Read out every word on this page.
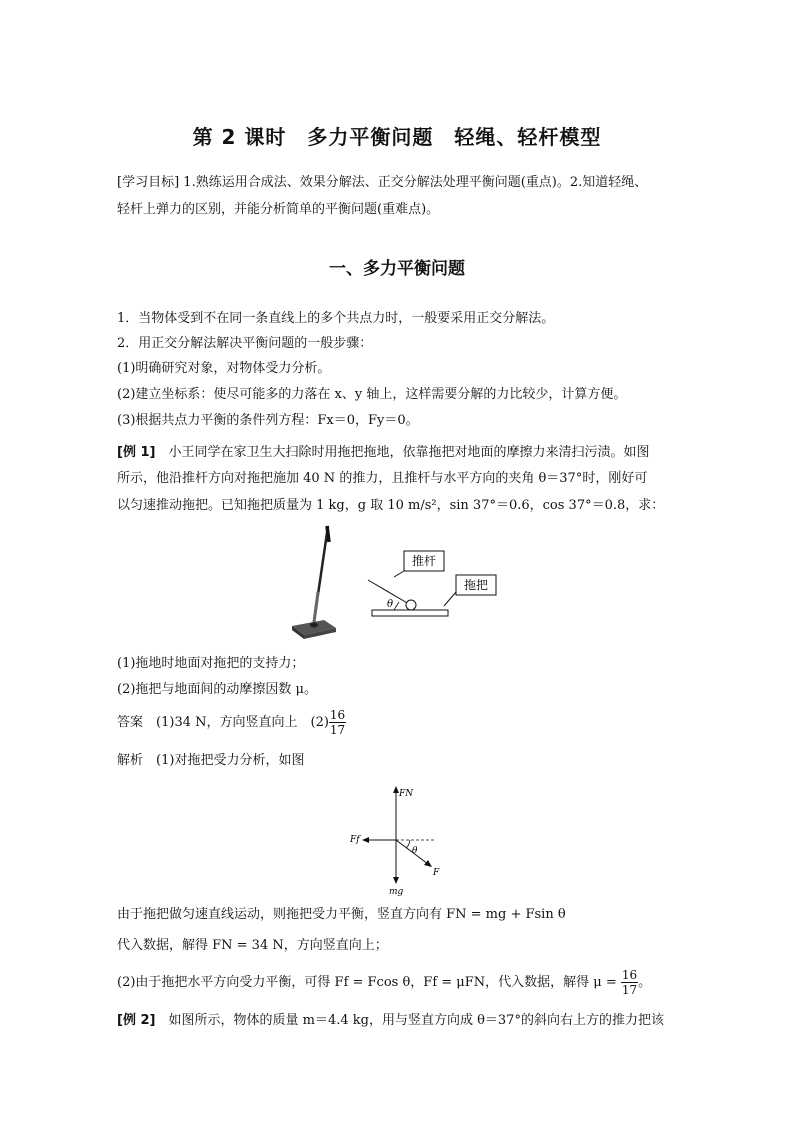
第 2 课时　多力平衡问题　轻绳、轻杆模型
[学习目标] 1.熟练运用合成法、效果分解法、正交分解法处理平衡问题(重点)。2.知道轻绳、
轻杆上弹力的区别，并能分析简单的平衡问题(重难点)。
一、多力平衡问题
1．当物体受到不在同一条直线上的多个共点力时，一般要采用正交分解法。
2．用正交分解法解决平衡问题的一般步骤：
(1)明确研究对象，对物体受力分析。
(2)建立坐标系：使尽可能多的力落在 x、y 轴上，这样需要分解的力比较少，计算方便。
(3)根据共点力平衡的条件列方程：Fx＝0，Fy＝0。
[例 1]　 小王同学在家卫生大扫除时用拖把拖地，依靠拖把对地面的摩擦力来清扫污渍。如图
所示，他沿推杆方向对拖把施加 40 N 的推力，且推杆与水平方向的夹角 θ＝37°时，刚好可
以匀速推动拖把。已知拖把质量为 1 kg，g 取 10 m/s²，sin 37°＝0.6，cos 37°＝0.8，求：
推杆
拖把
θ
(1)拖地时地面对拖把的支持力；
(2)拖把与地面间的动摩擦因数 μ。
答案　 (1)34 N，方向竖直向上　$(2) \frac{16}{17}$
解析　 (1)对拖把受力分析，如图
FN
mg
Ff
F
θ
由于拖把做匀速直线运动，则拖把受力平衡，竖直方向有 FN = mg + Fsin θ
代入数据，解得 FN = 34 N，方向竖直向上；
(2)由于拖把水平方向受力平衡，可得 Ff = Fcos θ，Ff = μFN，代入数据，解得 $\mu = \frac{16}{17}$ 。
[例 2]　 如图所示，物体的质量 m＝4.4 kg，用与竖直方向成 θ＝37°的斜向右上方的推力把该
